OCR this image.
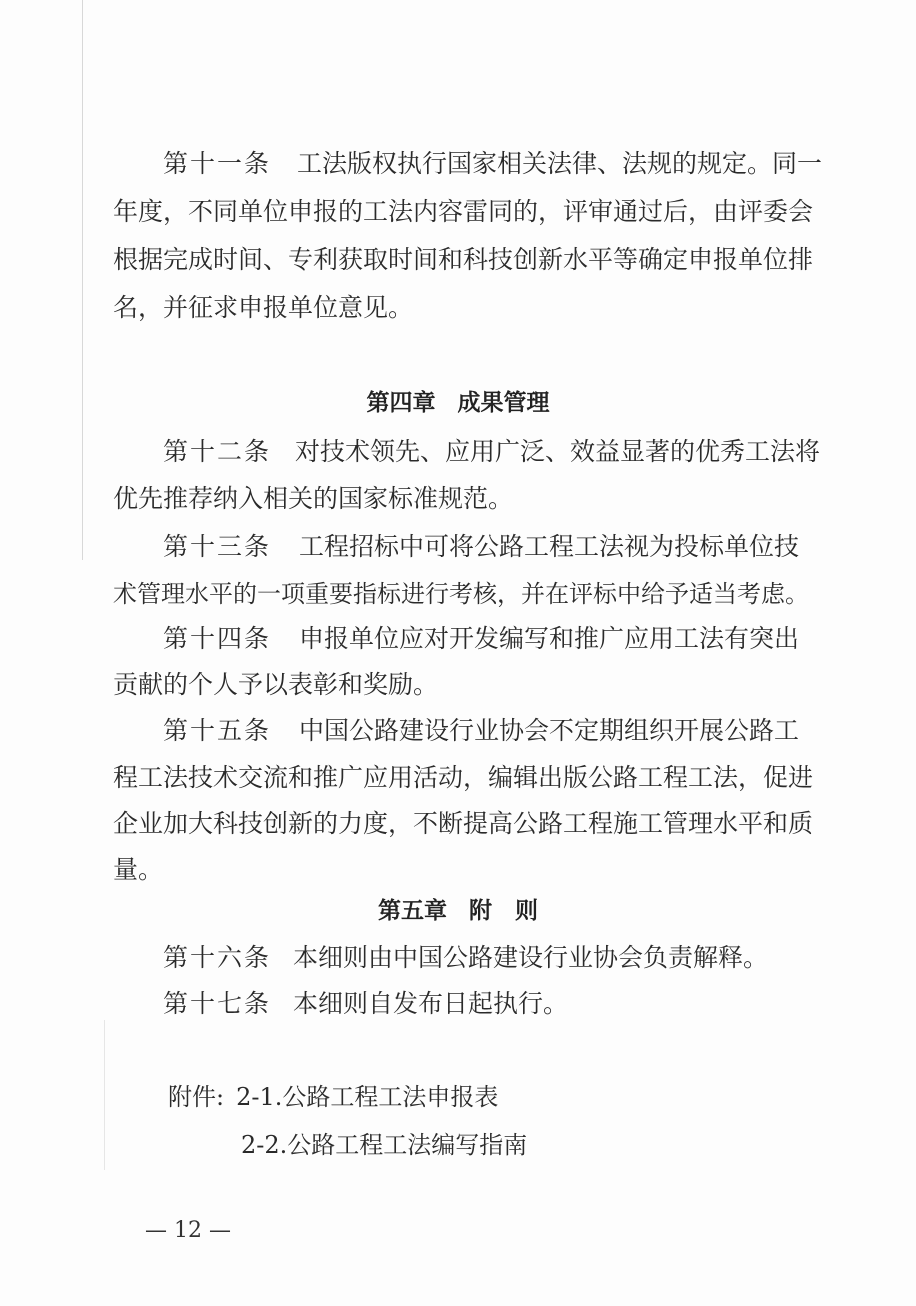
第十一条 工法版权执行国家相关法律、法规的规定。同一
年度，不同单位申报的工法内容雷同的，评审通过后，由评委会
根据完成时间、专利获取时间和科技创新水平等确定申报单位排
名，并征求申报单位意见。
第四章 成果管理
第十二条 对技术领先、应用广泛、效益显著的优秀工法将
优先推荐纳入相关的国家标准规范。
第十三条 工程招标中可将公路工程工法视为投标单位技
术管理水平的一项重要指标进行考核，并在评标中给予适当考虑。
第十四条 申报单位应对开发编写和推广应用工法有突出
贡献的个人予以表彰和奖励。
第十五条 中国公路建设行业协会不定期组织开展公路工
程工法技术交流和推广应用活动，编辑出版公路工程工法，促进
企业加大科技创新的力度，不断提高公路工程施工管理水平和质
量。
第五章 附　则
第十六条 本细则由中国公路建设行业协会负责解释。
第十七条 本细则自发布日起执行。
附件: 2-1.公路工程工法申报表
2-2.公路工程工法编写指南
— 12 —
